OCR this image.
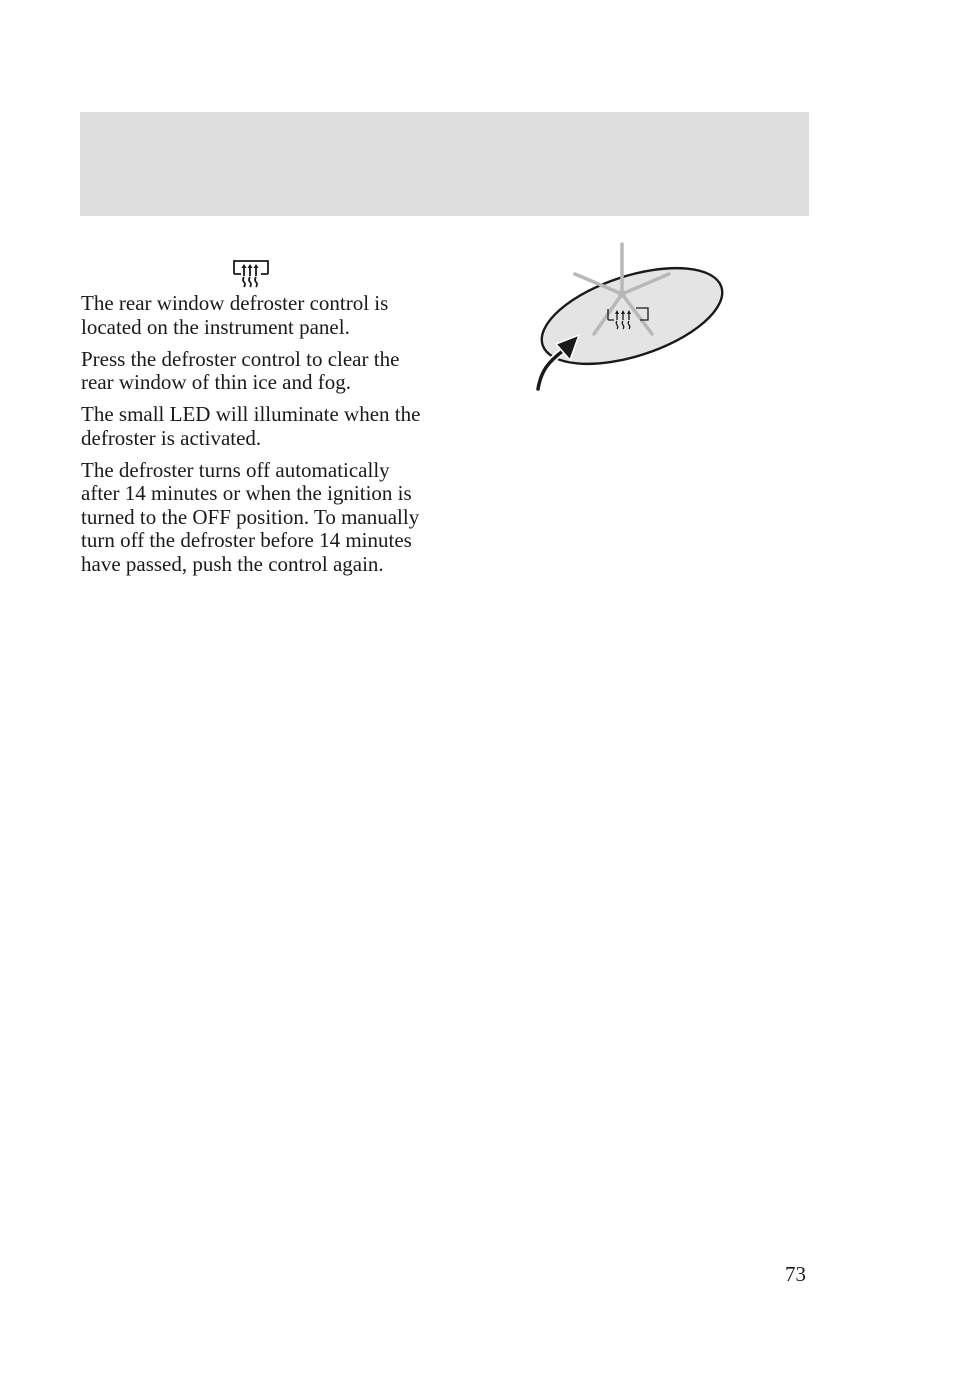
The rear window defroster control is located on the instrument panel.

Press the defroster control to clear the rear window of thin ice and fog.

The small LED will illuminate when the defroster is activated.

The defroster turns off automatically after 14 minutes or when the ignition is turned to the OFF position. To manually turn off the defroster before 14 minutes have passed, push the control again.

73
